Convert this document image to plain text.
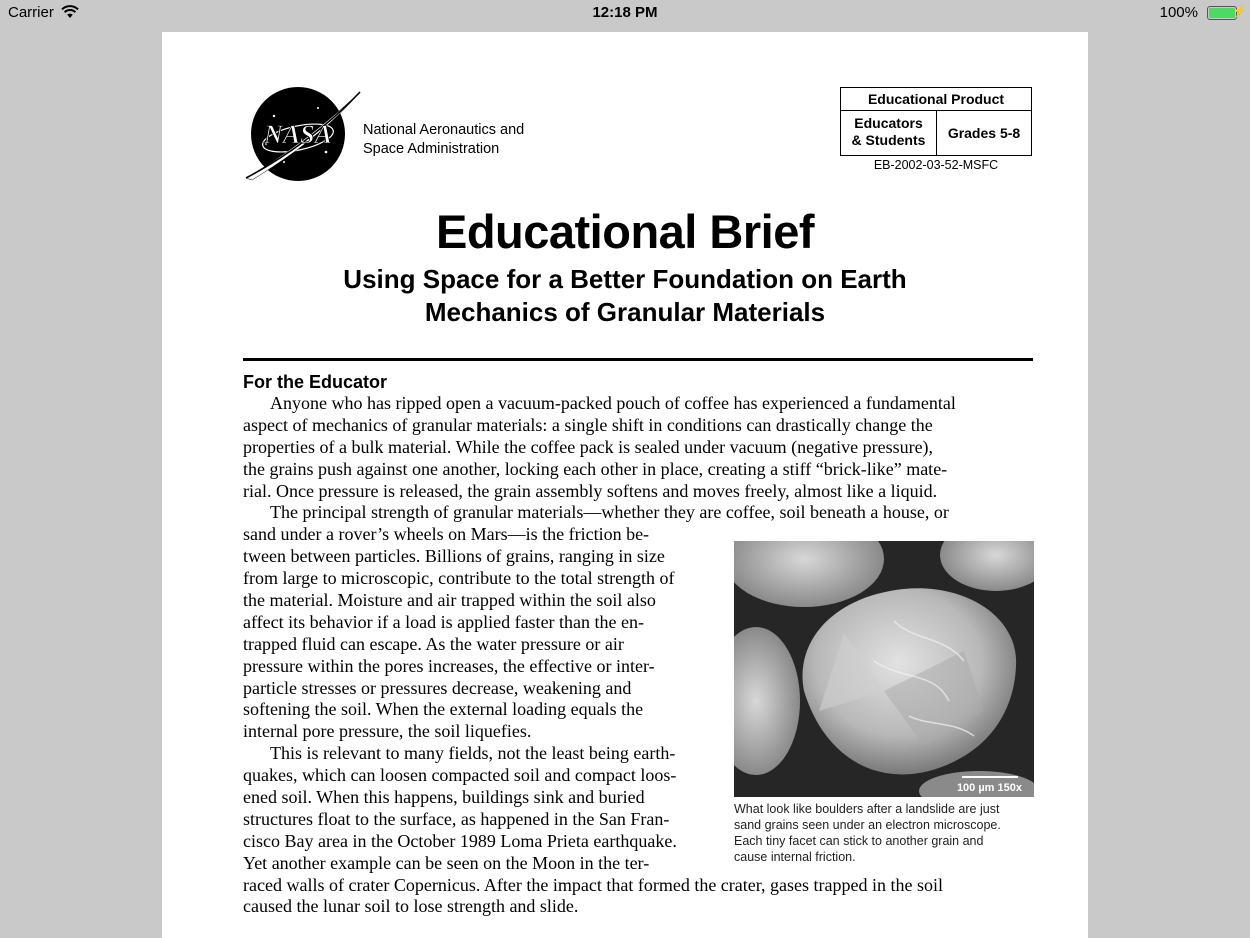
Carrier	12:18 PM	100%	⚡
NASA National Aeronautics and
Space Administration
Educational Product
Educators
& Students	Grades 5-8
EB-2002-03-52-MSFC
Educational Brief
Using Space for a Better Foundation on Earth
Mechanics of Granular Materials
For the Educator
Anyone who has ripped open a vacuum-packed pouch of coffee has experienced a fundamental
aspect of mechanics of granular materials: a single shift in conditions can drastically change the
properties of a bulk material. While the coffee pack is sealed under vacuum (negative pressure),
the grains push against one another, locking each other in place, creating a stiff “brick-like” mate-
rial. Once pressure is released, the grain assembly softens and moves freely, almost like a liquid.
The principal strength of granular materials—whether they are coffee, soil beneath a house, or
sand under a rover’s wheels on Mars—is the friction be-
tween between particles. Billions of grains, ranging in size
from large to microscopic, contribute to the total strength of
the material. Moisture and air trapped within the soil also
affect its behavior if a load is applied faster than the en-
trapped fluid can escape. As the water pressure or air
pressure within the pores increases, the effective or inter-
particle stresses or pressures decrease, weakening and
softening the soil. When the external loading equals the
internal pore pressure, the soil liquefies.
This is relevant to many fields, not the least being earth-
quakes, which can loosen compacted soil and compact loos-
ened soil. When this happens, buildings sink and buried
structures float to the surface, as happened in the San Fran-
cisco Bay area in the October 1989 Loma Prieta earthquake.
Yet another example can be seen on the Moon in the ter-
raced walls of crater Copernicus. After the impact that formed the crater, gases trapped in the soil
caused the lunar soil to lose strength and slide.
100 µm 150x
What look like boulders after a landslide are just
sand grains seen under an electron microscope.
Each tiny facet can stick to another grain and
cause internal friction.
